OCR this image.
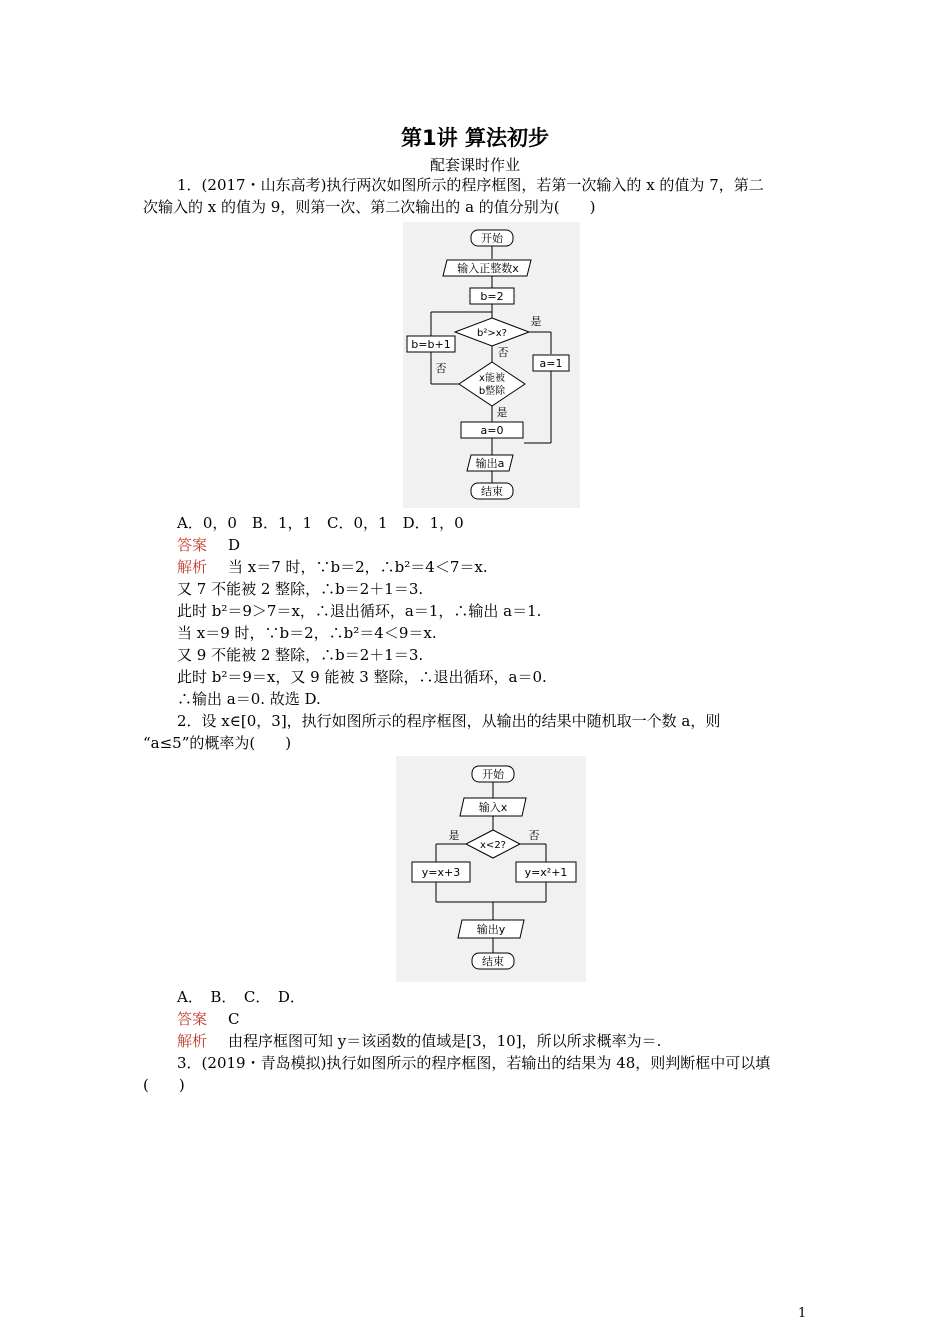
第1讲 算法初步
配套课时作业
1．(2017・山东高考)执行两次如图所示的程序框图，若第一次输入的 x 的值为 7，第二
次输入的 x 的值为 9，则第一次、第二次输出的 a 的值分别为(　　)
开始
输入正整数x
b=2
b²>x?
是
否
a=1
x能被
b整除
否
b=b+1
是
a=0
输出a
结束
A．0，0　B．1，1　C．0，1　D．1，0
答案 D
解析 当 x＝7 时，∵b＝2，∴b²＝4＜7＝x.
又 7 不能被 2 整除，∴b＝2＋1＝3.
此时 b²＝9＞7＝x，∴退出循环，a＝1，∴输出 a＝1.
当 x＝9 时，∵b＝2，∴b²＝4＜9＝x.
又 9 不能被 2 整除，∴b＝2＋1＝3.
此时 b²＝9＝x，又 9 能被 3 整除，∴退出循环，a＝0.
∴输出 a＝0. 故选 D.
2．设 x∈[0，3]，执行如图所示的程序框图，从输出的结果中随机取一个数 a，则
“a≤5”的概率为(　　)
开始
输入x
x<2?
是	否
y=x+3	y=x²+1
输出y
结束
A．　B．　C．　D．
答案 C
解析 由程序框图可知 y＝该函数的值域是[3，10]，所以所求概率为＝.
3．(2019・青岛模拟)执行如图所示的程序框图，若输出的结果为 48，则判断框中可以填
(　　)
1
